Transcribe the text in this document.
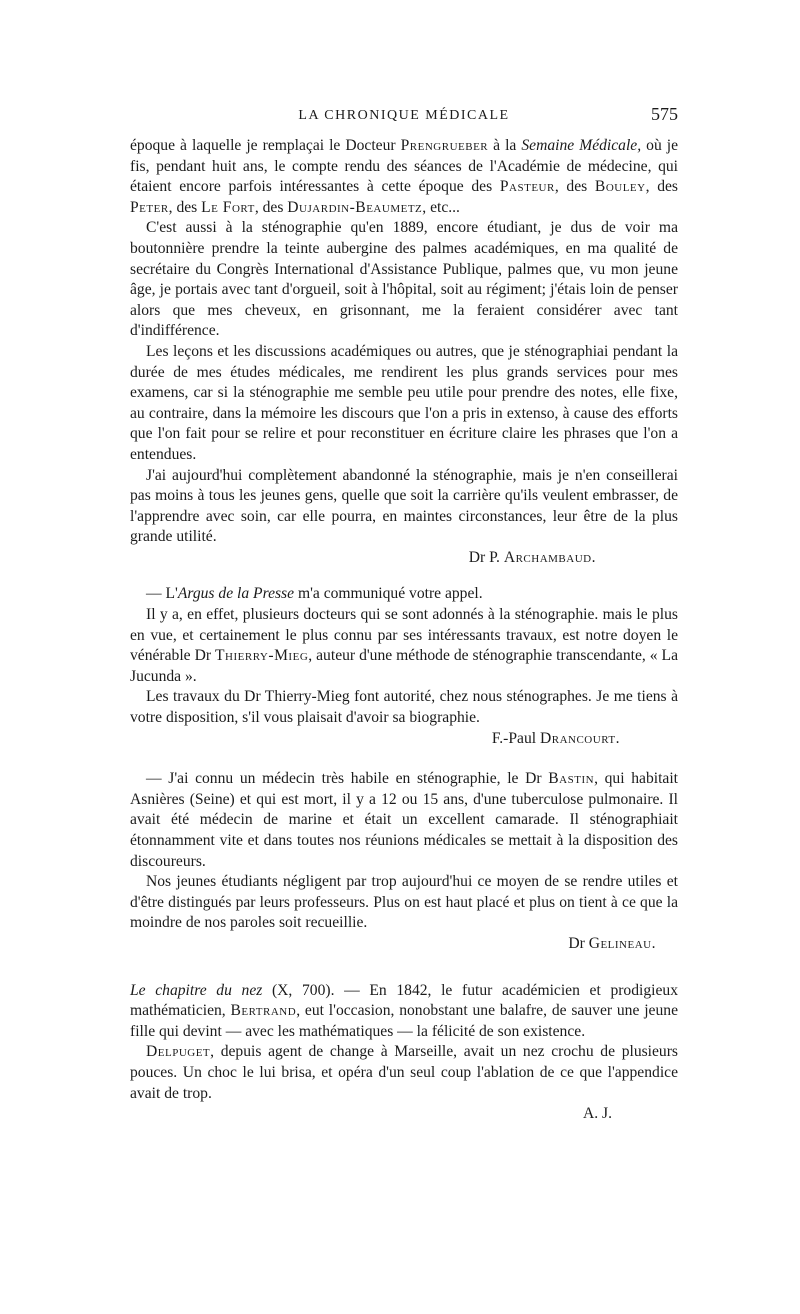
LA CHRONIQUE MÉDICALE	575

époque à laquelle je remplaçai le Docteur Prengrueber à la Semaine Médicale, où je fis, pendant huit ans, le compte rendu des séances de l'Académie de médecine, qui étaient encore parfois intéressantes à cette époque des Pasteur, des Bouley, des Peter, des Le Fort, des Dujardin-Beaumetz, etc...

C'est aussi à la sténographie qu'en 1889, encore étudiant, je dus de voir ma boutonnière prendre la teinte aubergine des palmes académiques, en ma qualité de secrétaire du Congrès International d'Assistance Publique, palmes que, vu mon jeune âge, je portais avec tant d'orgueil, soit à l'hôpital, soit au régiment; j'étais loin de penser alors que mes cheveux, en grisonnant, me la feraient considérer avec tant d'indifférence.

Les leçons et les discussions académiques ou autres, que je sténographiai pendant la durée de mes études médicales, me rendirent les plus grands services pour mes examens, car si la sténographie me semble peu utile pour prendre des notes, elle fixe, au contraire, dans la mémoire les discours que l'on a pris in extenso, à cause des efforts que l'on fait pour se relire et pour reconstituer en écriture claire les phrases que l'on a entendues.

J'ai aujourd'hui complètement abandonné la sténographie, mais je n'en conseillerai pas moins à tous les jeunes gens, quelle que soit la carrière qu'ils veulent embrasser, de l'apprendre avec soin, car elle pourra, en maintes circonstances, leur être de la plus grande utilité.

Dr P. Archambaud.

— L'Argus de la Presse m'a communiqué votre appel.

Il y a, en effet, plusieurs docteurs qui se sont adonnés à la sténographie. mais le plus en vue, et certainement le plus connu par ses intéressants travaux, est notre doyen le vénérable Dr Thierry-Mieg, auteur d'une méthode de sténographie transcendante, « La Jucunda ».

Les travaux du Dr Thierry-Mieg font autorité, chez nous sténographes. Je me tiens à votre disposition, s'il vous plaisait d'avoir sa biographie.

F.-Paul Drancourt.

— J'ai connu un médecin très habile en sténographie, le Dr Bastin, qui habitait Asnières (Seine) et qui est mort, il y a 12 ou 15 ans, d'une tuberculose pulmonaire. Il avait été médecin de marine et était un excellent camarade. Il sténographiait étonnamment vite et dans toutes nos réunions médicales se mettait à la disposition des discoureurs.

Nos jeunes étudiants négligent par trop aujourd'hui ce moyen de se rendre utiles et d'être distingués par leurs professeurs. Plus on est haut placé et plus on tient à ce que la moindre de nos paroles soit recueillie.

Dr Gelineau.

Le chapitre du nez (X, 700). — En 1842, le futur académicien et prodigieux mathématicien, Bertrand, eut l'occasion, nonobstant une balafre, de sauver une jeune fille qui devint — avec les mathématiques — la félicité de son existence.

Delpuget, depuis agent de change à Marseille, avait un nez crochu de plusieurs pouces. Un choc le lui brisa, et opéra d'un seul coup l'ablation de ce que l'appendice avait de trop.

A. J.
